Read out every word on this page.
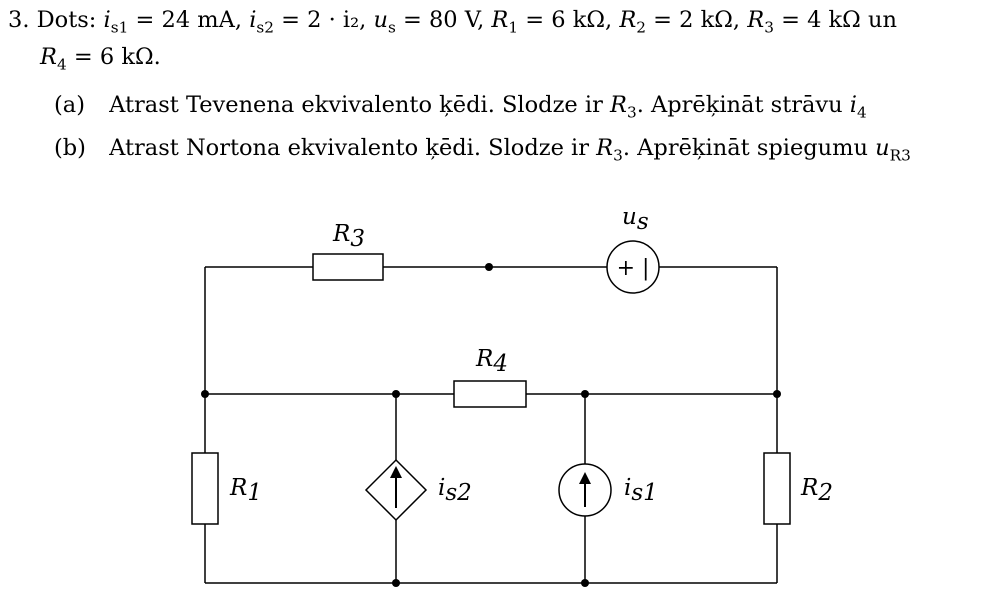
3. Dots: $i_{s1} = 24$ mA, $i_{s2} = 2 \cdot i_2$, $u_s = 80$ V, $R_1 = 6$ kΩ, $R_2 = 2$ kΩ, $R_3 = 4$ kΩ un
$R_4 = 6$ kΩ.
(a) Atrast Tevenena ekvivalento ķēdi. Slodze ir $R_3$. Aprēķināt strāvu $i_4$
(b) Atrast Nortona ekvivalento ķēdi. Slodze ir $R_3$. Aprēķināt spiegumu $u_{R3}$
+ |
R3
R4
us
R1	R2
is2	is1
